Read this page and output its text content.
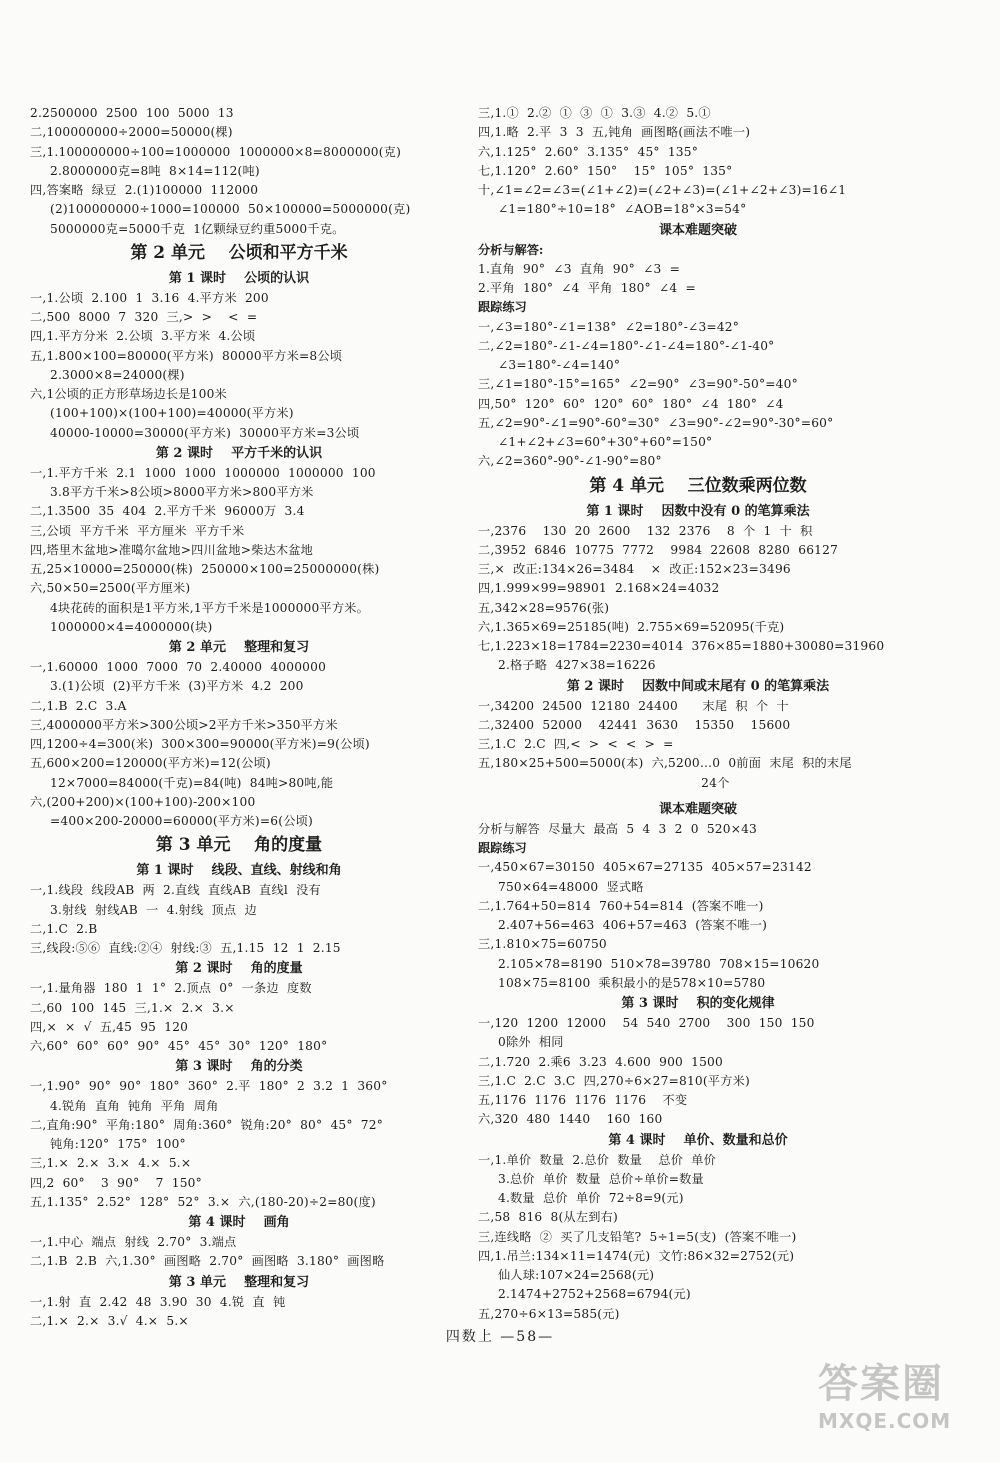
2.2500000  2500  100  5000  13
二,100000000÷2000=50000(棵)
三,1.100000000÷100=1000000  1000000×8=8000000(克)
2.8000000克=8吨  8×14=112(吨)
四,答案略  绿豆  2.(1)100000  112000
(2)100000000÷1000=100000  50×100000=5000000(克)
5000000克=5000千克  1亿颗绿豆约重5000千克。
第 2 单元    公顷和平方千米
第 1 课时    公顷的认识
一,1.公顷  2.100  1  3.16  4.平方米  200
二,500  8000  7  320  三,>  >    <  =
四,1.平方分米  2.公顷  3.平方米  4.公顷
五,1.800×100=80000(平方米)  80000平方米=8公顷
2.3000×8=24000(棵)
六,1公顷的正方形草场边长是100米
(100+100)×(100+100)=40000(平方米)
40000-10000=30000(平方米)  30000平方米=3公顷
第 2 课时    平方千米的认识
一,1.平方千米  2.1  1000  1000  1000000  1000000  100
3.8平方千米>8公顷>8000平方米>800平方米
二,1.3500  35  404  2.平方千米  96000万  3.4
三,公顷  平方千米  平方厘米  平方千米
四,塔里木盆地>准噶尔盆地>四川盆地>柴达木盆地
五,25×10000=250000(株)  250000×100=25000000(株)
六,50×50=2500(平方厘米)
4块花砖的面积是1平方米,1平方千米是1000000平方米。
1000000×4=4000000(块)
第 2 单元    整理和复习
一,1.60000  1000  7000  70  2.40000  4000000
3.(1)公顷  (2)平方千米  (3)平方米  4.2  200
二,1.B  2.C  3.A
三,4000000平方米>300公顷>2平方千米>350平方米
四,1200÷4=300(米)  300×300=90000(平方米)=9(公顷)
五,600×200=120000(平方米)=12(公顷)
12×7000=84000(千克)=84(吨)  84吨>80吨,能
六,(200+200)×(100+100)-200×100
=400×200-20000=60000(平方米)=6(公顷)
第 3 单元    角的度量
第 1 课时    线段、直线、射线和角
一,1.线段  线段AB  两  2.直线  直线AB  直线l  没有
3.射线  射线AB  一  4.射线  顶点  边
二,1.C  2.B
三,线段:⑤⑥  直线:②④  射线:③  五,1.15  12  1  2.15
第 2 课时    角的度量
一,1.量角器  180  1  1°  2.顶点  0°  一条边  度数
二,60  100  145  三,1.×  2.×  3.×
四,×  ×  √  五,45  95  120
六,60°  60°  60°  90°  45°  45°  30°  120°  180°
第 3 课时    角的分类
一,1.90°  90°  90°  180°  360°  2.平  180°  2  3.2  1  360°
4.锐角  直角  钝角  平角  周角
二,直角:90°  平角:180°  周角:360°  锐角:20°  80°  45°  72°
钝角:120°  175°  100°
三,1.×  2.×  3.×  4.×  5.×
四,2  60°    3  90°    7  150°
五,1.135°  2.52°  128°  52°  3.×  六,(180-20)÷2=80(度)
第 4 课时    画角
一,1.中心  端点  射线  2.70°  3.端点
二,1.B  2.B  六,1.30°  画图略  2.70°  画图略  3.180°  画图略
第 3 单元    整理和复习
一,1.射  直  2.42  48  3.90  30  4.锐  直  钝
二,1.×  2.×  3.√  4.×  5.×
三,1.①  2.②  ①  ③  ①  3.③  4.②  5.①
四,1.略  2.平  3  3  五,钝角  画图略(画法不唯一)
六,1.125°  2.60°  3.135°  45°  135°
七,1.120°  2.60°  150°    15°  105°  135°
十,∠1=∠2=∠3=(∠1+∠2)=(∠2+∠3)=(∠1+∠2+∠3)=16∠1
∠1=180°÷10=18°  ∠AOB=18°×3=54°
课本难题突破
分析与解答:
1.直角  90°  ∠3  直角  90°  ∠3  =
2.平角  180°  ∠4  平角  180°  ∠4  =
跟踪练习
一,∠3=180°-∠1=138°  ∠2=180°-∠3=42°
二,∠2=180°-∠1-∠4=180°-∠1-∠4=180°-∠1-40°
∠3=180°-∠4=140°
三,∠1=180°-15°=165°  ∠2=90°  ∠3=90°-50°=40°
四,50°  120°  60°  120°  60°  180°  ∠4  180°  ∠4
五,∠2=90°-∠1=90°-60°=30°  ∠3=90°-∠2=90°-30°=60°
∠1+∠2+∠3=60°+30°+60°=150°
六,∠2=360°-90°-∠1-90°=80°
第 4 单元    三位数乘两位数
第 1 课时    因数中没有 0 的笔算乘法
一,2376    130  20  2600    132  2376    8  个  1  十  积
二,3952  6846  10775  7772    9984  22608  8280  66127
三,×  改正:134×26=3484    ×  改正:152×23=3496
四,1.999×99=98901  2.168×24=4032
五,342×28=9576(张)
六,1.365×69=25185(吨)  2.755×69=52095(千克)
七,1.223×18=1784=2230=4014  376×85=1880+30080=31960
2.格子略  427×38=16226
第 2 课时    因数中间或末尾有 0 的笔算乘法
一,34200  24500  12180  24400      末尾  积  个  十
二,32400  52000    42441  3630    15350    15600
三,1.C  2.C  四,<  >  <  <  >  =
五,180×25+500=5000(本)  六,5200…0  0前面  末尾  积的末尾
24个
课本难题突破
分析与解答  尽量大  最高  5  4  3  2  0  520×43
跟踪练习
一,450×67=30150  405×67=27135  405×57=23142
750×64=48000  竖式略
二,1.764+50=814  760+54=814  (答案不唯一)
2.407+56=463  406+57=463  (答案不唯一)
三,1.810×75=60750
2.105×78=8190  510×78=39780  708×15=10620
108×75=8100  乘积最小的是578×10=5780
第 3 课时    积的变化规律
一,120  1200  12000    54  540  2700    300  150  150
0除外  相同
二,1.720  2.乘6  3.23  4.600  900  1500
三,1.C  2.C  3.C  四,270÷6×27=810(平方米)
五,1176  1176  1176  1176    不变
六,320  480  1440    160  160
第 4 课时    单价、数量和总价
一,1.单价  数量  2.总价  数量    总价  单价
3.总价  单价  数量  总价÷单价=数量
4.数量  总价  单价  72÷8=9(元)
二,58  816  8(从左到右)
三,连线略  ②  买了几支铅笔?  5÷1=5(支)  (答案不唯一)
四,1.吊兰:134×11=1474(元)  文竹:86×32=2752(元)
仙人球:107×24=2568(元)
2.1474+2752+2568=6794(元)
五,270÷6×13=585(元)
四数上 —58—
答案圈
MXQE.COM
